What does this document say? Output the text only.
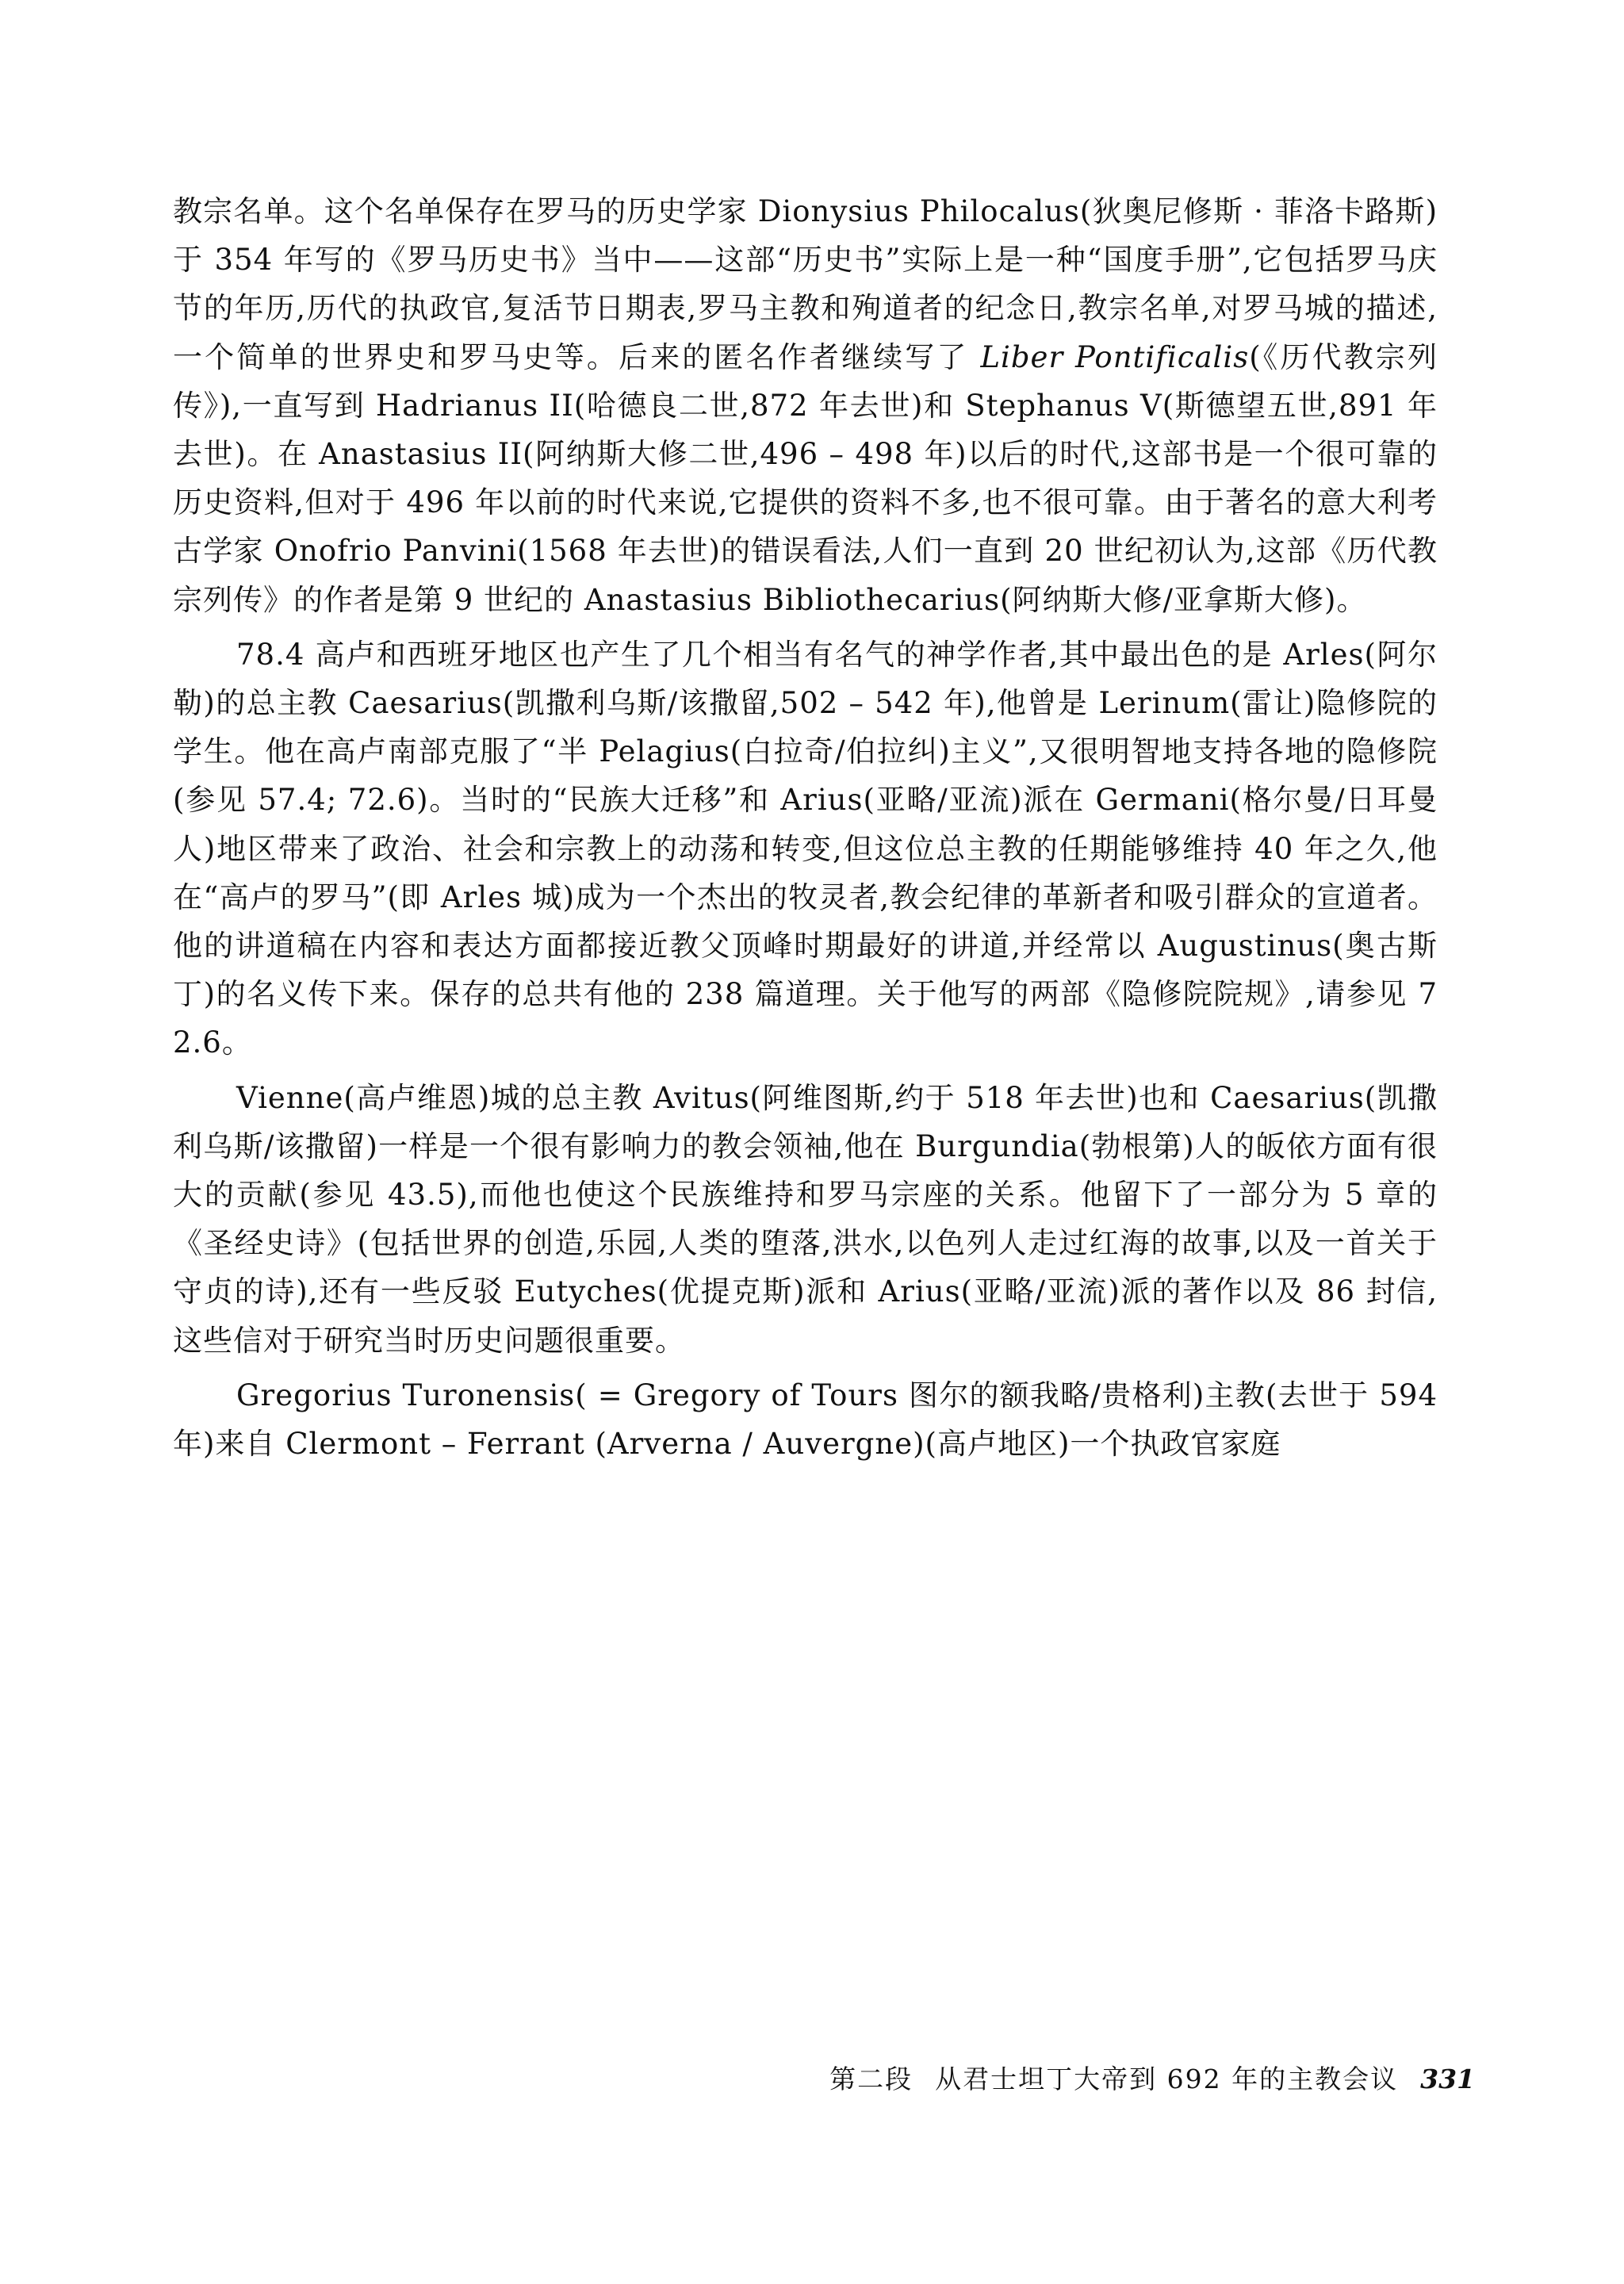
教宗名单。这个名单保存在罗马的历史学家 Dionysius Philocalus(狄奥尼修斯 · 菲洛卡路斯)于 354 年写的《罗马历史书》当中——这部“历史书”实际上是一种“国度手册”,它包括罗马庆节的年历,历代的执政官,复活节日期表,罗马主教和殉道者的纪念日,教宗名单,对罗马城的描述,一个简单的世界史和罗马史等。后来的匿名作者继续写了 Liber Pontificalis(《历代教宗列传》),一直写到 Hadrianus II(哈德良二世,872 年去世)和 Stephanus V(斯德望五世,891 年去世)。在 Anastasius II(阿纳斯大修二世,496 – 498 年)以后的时代,这部书是一个很可靠的历史资料,但对于 496 年以前的时代来说,它提供的资料不多,也不很可靠。由于著名的意大利考古学家 Onofrio Panvini(1568 年去世)的错误看法,人们一直到 20 世纪初认为,这部《历代教宗列传》的作者是第 9 世纪的 Anastasius Bibliothecarius(阿纳斯大修/亚拿斯大修)。

78.4 高卢和西班牙地区也产生了几个相当有名气的神学作者,其中最出色的是 Arles(阿尔勒)的总主教 Caesarius(凯撒利乌斯/该撒留,502 – 542 年),他曾是 Lerinum(雷让)隐修院的学生。他在高卢南部克服了“半 Pelagius(白拉奇/伯拉纠)主义”,又很明智地支持各地的隐修院(参见 57.4; 72.6)。当时的“民族大迁移”和 Arius(亚略/亚流)派在 Germani(格尔曼/日耳曼人)地区带来了政治、社会和宗教上的动荡和转变,但这位总主教的任期能够维持 40 年之久,他在“高卢的罗马”(即 Arles 城)成为一个杰出的牧灵者,教会纪律的革新者和吸引群众的宣道者。他的讲道稿在内容和表达方面都接近教父顶峰时期最好的讲道,并经常以 Augustinus(奥古斯丁)的名义传下来。保存的总共有他的 238 篇道理。关于他写的两部《隐修院院规》,请参见 72.6。

Vienne(高卢维恩)城的总主教 Avitus(阿维图斯,约于 518 年去世)也和 Caesarius(凯撒利乌斯/该撒留)一样是一个很有影响力的教会领袖,他在 Burgundia(勃根第)人的皈依方面有很大的贡献(参见 43.5),而他也使这个民族维持和罗马宗座的关系。他留下了一部分为 5 章的《圣经史诗》(包括世界的创造,乐园,人类的堕落,洪水,以色列人走过红海的故事,以及一首关于守贞的诗),还有一些反驳 Eutyches(优提克斯)派和 Arius(亚略/亚流)派的著作以及 86 封信,这些信对于研究当时历史问题很重要。

Gregorius Turonensis( = Gregory of Tours 图尔的额我略/贵格利)主教(去世于 594 年)来自 Clermont – Ferrant (Arverna / Auvergne)(高卢地区)一个执政官家庭

第二段 从君士坦丁大帝到 692 年的主教会议 331
